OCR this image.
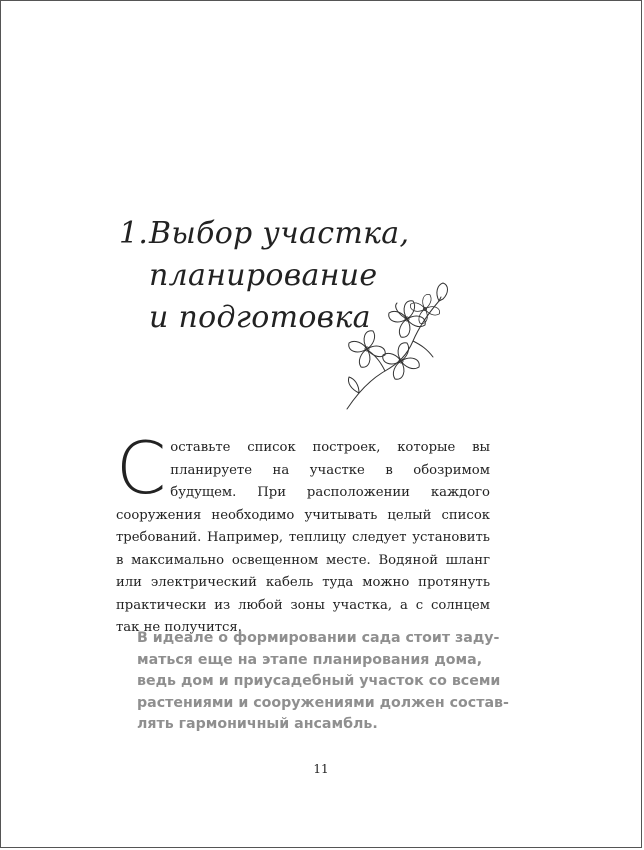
1.Выбор участка,
планирование
и подготовка
С оставьте список построек, которые вы планируете на участке в обозримом будущем. При расположении каждого сооружения необходимо учитывать целый список требований. Например, теплицу следует установить в максимально освещенном месте. Водяной шланг или электрический кабель туда можно протянуть практически из любой зоны участка, а с солнцем так не получится.

В идеале о формировании сада стоит заду-
маться еще на этапе планирования дома,
ведь дом и приусадебный участок со всеми
растениями и сооружениями должен состав-
лять гармоничный ансамбль.
11
